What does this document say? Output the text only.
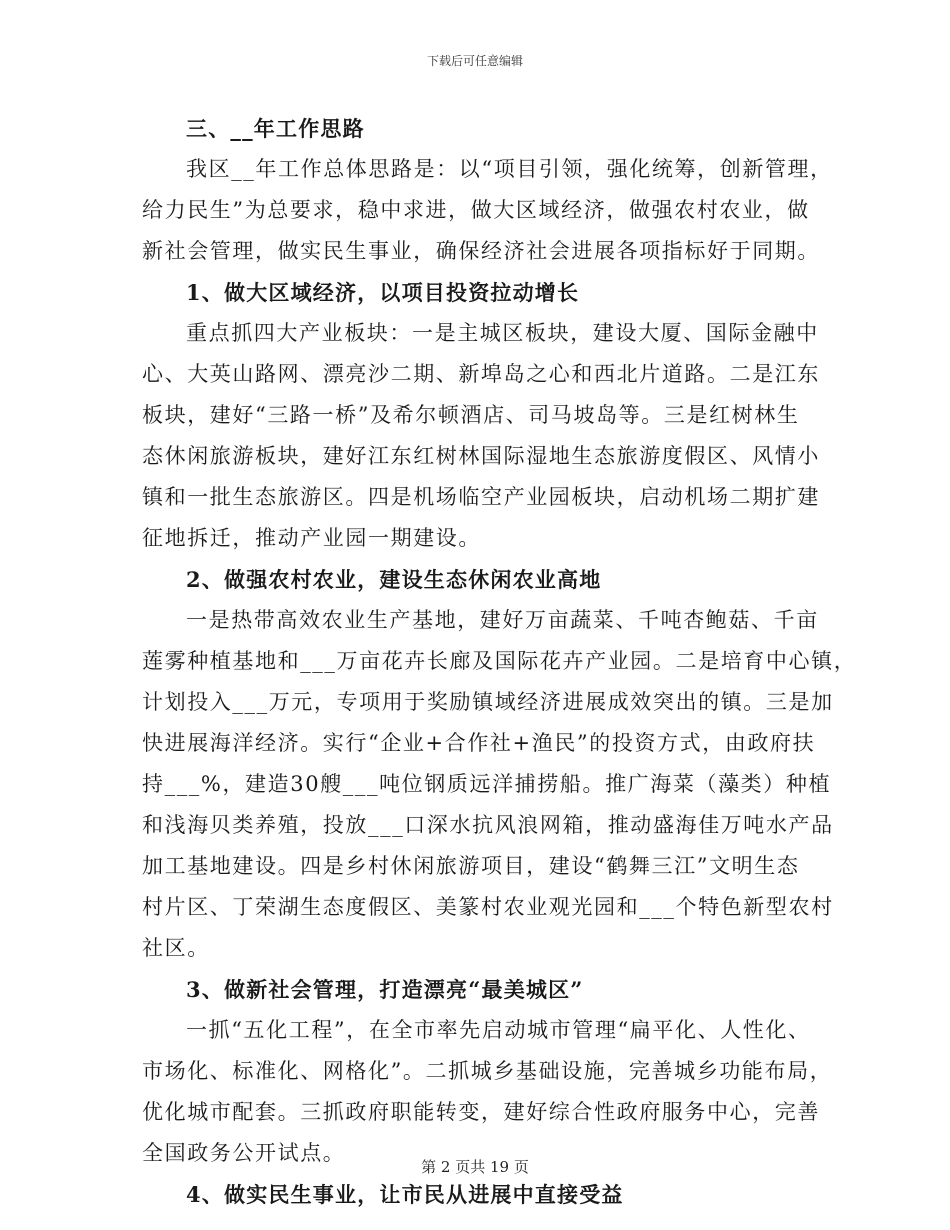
下载后可任意编辑
三、__年工作思路
我区__年工作总体思路是：以“项目引领，强化统筹，创新管理，
给力民生”为总要求，稳中求进，做大区域经济，做强农村农业，做
新社会管理，做实民生事业，确保经济社会进展各项指标好于同期。
1、做大区域经济，以项目投资拉动增长
重点抓四大产业板块：一是主城区板块，建设大厦、国际金融中
心、大英山路网、漂亮沙二期、新埠岛之心和西北片道路。二是江东
板块，建好“三路一桥”及希尔顿酒店、司马坡岛等。三是红树林生
态休闲旅游板块，建好江东红树林国际湿地生态旅游度假区、风情小
镇和一批生态旅游区。四是机场临空产业园板块，启动机场二期扩建
征地拆迁，推动产业园一期建设。
2、做强农村农业，建设生态休闲农业高地
一是热带高效农业生产基地，建好万亩蔬菜、千吨杏鲍菇、千亩
莲雾种植基地和___万亩花卉长廊及国际花卉产业园。二是培育中心镇，
计划投入___万元，专项用于奖励镇域经济进展成效突出的镇。三是加
快进展海洋经济。实行“企业+合作社+渔民”的投资方式，由政府扶
持___%，建造30艘___吨位钢质远洋捕捞船。推广海菜（藻类）种植
和浅海贝类养殖，投放___口深水抗风浪网箱，推动盛海佳万吨水产品
加工基地建设。四是乡村休闲旅游项目，建设“鹤舞三江”文明生态
村片区、丁荣湖生态度假区、美篆村农业观光园和___个特色新型农村
社区。
3、做新社会管理，打造漂亮“最美城区”
一抓“五化工程”，在全市率先启动城市管理“扁平化、人性化、
市场化、标准化、网格化”。二抓城乡基础设施，完善城乡功能布局，
优化城市配套。三抓政府职能转变，建好综合性政府服务中心，完善
全国政务公开试点。
4、做实民生事业，让市民从进展中直接受益
第 2 页共 19 页
